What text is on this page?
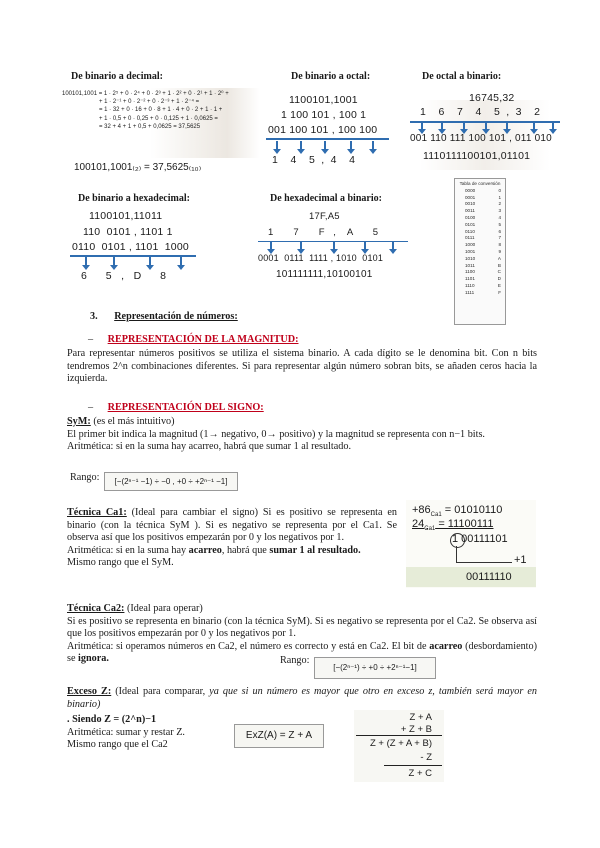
De binario a decimal:
100101,1001 = 1 · 2⁵ + 0 · 2⁴ + 0 · 2³ + 1 · 2² + 0 · 2¹ + 1 · 2⁰ +
+ 1 · 2⁻¹ + 0 · 2⁻² + 0 · 2⁻³ + 1 · 2⁻⁴ =
= 1 · 32 + 0 · 16 + 0 · 8 + 1 · 4 + 0 · 2 + 1 · 1 +
+ 1 · 0,5 + 0 · 0,25 + 0 · 0,125 + 1 · 0,0625 =
= 32 + 4 + 1 + 0,5 + 0,0625 = 37,5625
100101,1001₍₂₎ = 37,5625₍₁₀₎
De binario a octal:
1100101,1001
1 100 101 , 100 1
001 100 101 , 100 100
1    4    5  ,  4    4
De octal a binario:
16745,32
1    6    7    4    5  ,  3    2
001 110 111 100 101 , 011 010
1110111100101,01101
De binario a hexadecimal:
1100101,11011
110  0101 , 1101 1
0110  0101 , 1101  1000
6      5   ,   D      8
De hexadecimal a binario:
17F,A5
1       7       F   ,    A       5
0001  0111  1111 , 1010  0101
101111111,10100101
Tabla de conversión
0000	0
0001	1
0010	2
0011	3
0100	4
0101	5
0110	6
0111	7
1000	8
1001	9
1010	A
1011	B
1100	C
1101	D
1110	E
1111	F
3. Representación de números:
– REPRESENTACIÓN DE LA MAGNITUD:
Para representar números positivos se utiliza el sistema binario. A cada dígito se le denomina bit. Con n bits tendremos 2^n combinaciones diferentes. Si para representar algún número sobran bits, se añaden ceros hacia la izquierda.
– REPRESENTACIÓN DEL SIGNO:
SyM: (es el más intuitivo)
El primer bit indica la magnitud (1→ negativo, 0→ positivo) y la magnitud se representa con n−1 bits.
Aritmética: si en la suma hay acarreo, habrá que sumar 1 al resultado.
Rango:	[−(2ⁿ⁻¹ −1) ÷ −0 , +0 ÷ +2ⁿ⁻¹ −1]
Técnica Ca1: (Ideal para cambiar el signo) Si es positivo se representa en binario (con la técnica SyM ). Si es negativo se representa por el Ca1. Se observa así que los positivos empezarán por 0 y los negativos por 1.
Aritmética: si en la suma hay acarreo, habrá que sumar 1 al resultado.
Mismo rango que el SyM.
$+86_{Ca1} = 01010110$
$24_{Ca1} = 11100111$
1 00111101
+1
00111110
Técnica Ca2: (Ideal para operar)
Si es positivo se representa en binario (con la técnica SyM). Si es negativo se representa por el Ca2. Se observa así que los positivos empezarán por 0 y los negativos por 1.
Aritmética: si operamos números en Ca2, el número es correcto y está en Ca2. El bit de acarreo (desbordamiento) se ignora.	Rango:
[−(2ⁿ⁻¹) ÷ +0 ÷ +2ⁿ⁻¹−1]
Exceso Z: (Ideal para comparar, ya que si un número es mayor que otro en exceso z, también será mayor en binario)
. Siendo Z = (2^n)−1
Aritmética: sumar y restar Z.
Mismo rango que el Ca2
ExZ(A) = Z + A
Z + A
+ Z + B
Z + (Z + A + B)
- Z
Z + C
